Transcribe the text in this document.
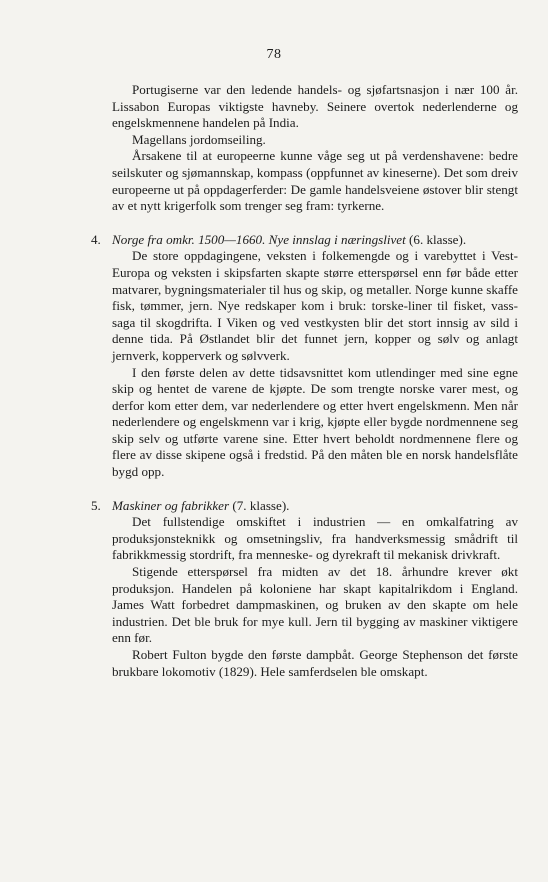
78

Portugiserne var den ledende handels- og sjøfartsnasjon i nær 100 år. Lissabon Europas viktigste havneby. Seinere overtok nederlenderne og engelskmennene handelen på India.

Magellans jordomseiling.

Årsakene til at europeerne kunne våge seg ut på verdenshavene: bedre seilskuter og sjømannskap, kompass (oppfunnet av kineserne). Det som dreiv europeerne ut på oppdagerferder: De gamle handelsveiene østover blir stengt av et nytt krigerfolk som trenger seg fram: tyrkerne.

4. Norge fra omkr. 1500—1660. Nye innslag i næringslivet (6. klasse).

De store oppdagingene, veksten i folkemengde og i varebyttet i Vest-Europa og veksten i skipsfarten skapte større etterspørsel enn før både etter matvarer, bygningsmaterialer til hus og skip, og metaller. Norge kunne skaffe fisk, tømmer, jern. Nye redskaper kom i bruk: torske-liner til fisket, vass-saga til skogdrifta. I Viken og ved vestkysten blir det stort innsig av sild i denne tida. På Østlandet blir det funnet jern, kopper og sølv og anlagt jernverk, kopperverk og sølvverk.

I den første delen av dette tidsavsnittet kom utlendinger med sine egne skip og hentet de varene de kjøpte. De som trengte norske varer mest, og derfor kom etter dem, var nederlendere og etter hvert engelskmenn. Men når nederlendere og engelskmenn var i krig, kjøpte eller bygde nordmennene seg skip selv og utførte varene sine. Etter hvert beholdt nordmennene flere og flere av disse skipene også i fredstid. På den måten ble en norsk handelsflåte bygd opp.

5. Maskiner og fabrikker (7. klasse).

Det fullstendige omskiftet i industrien — en omkalfatring av produksjonsteknikk og omsetningsliv, fra handverksmessig smådrift til fabrikkmessig stordrift, fra menneske- og dyrekraft til mekanisk drivkraft.

Stigende etterspørsel fra midten av det 18. århundre krever økt produksjon. Handelen på koloniene har skapt kapitalrikdom i England. James Watt forbedret dampmaskinen, og bruken av den skapte om hele industrien. Det ble bruk for mye kull. Jern til bygging av maskiner viktigere enn før.

Robert Fulton bygde den første dampbåt. George Stephenson det første brukbare lokomotiv (1829). Hele samferdselen ble omskapt.
